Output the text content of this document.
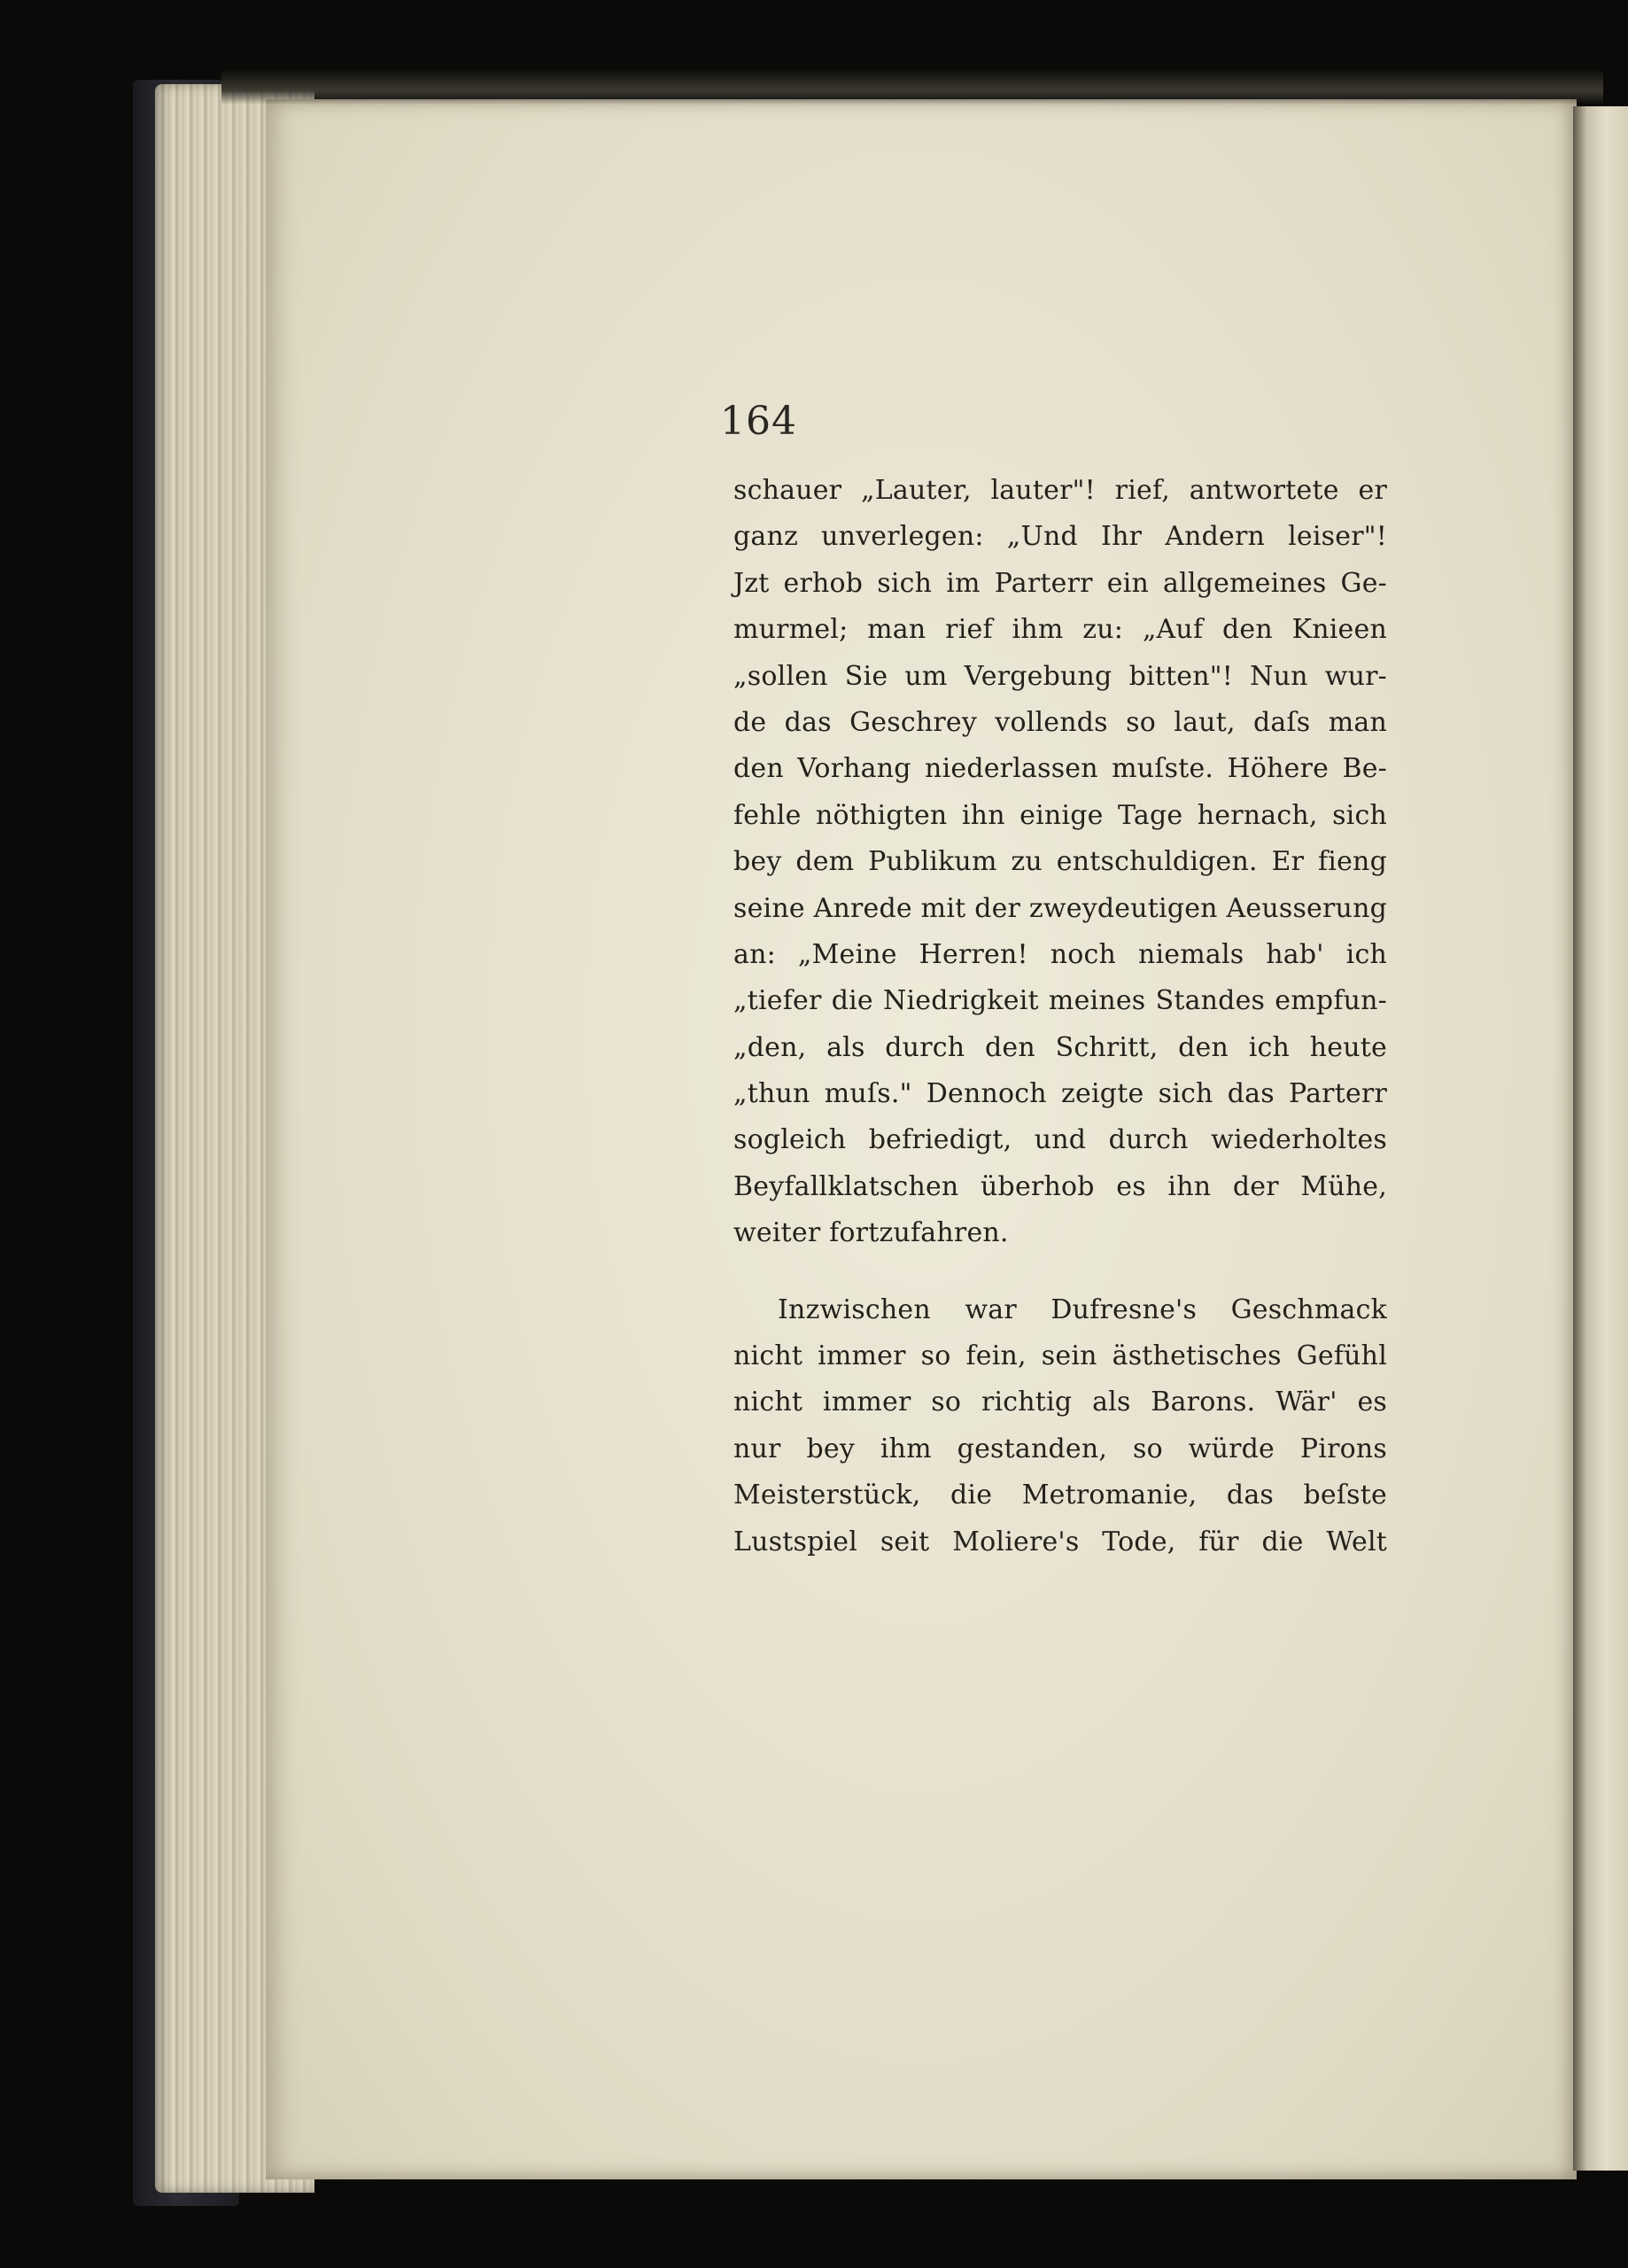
164
schauer „Lauter, lauter"! rief, antwortete er
ganz unverlegen: „Und Ihr Andern leiser"!
Jzt erhob sich im Parterr ein allgemeines Ge-
murmel; man rief ihm zu: „Auf den Knieen
„sollen Sie um Vergebung bitten"! Nun wur-
de das Geschrey vollends so laut, daſs man
den Vorhang niederlassen muſste. Höhere Be-
fehle nöthigten ihn einige Tage hernach, sich
bey dem Publikum zu entschuldigen. Er fieng
seine Anrede mit der zweydeutigen Aeusserung
an: „Meine Herren! noch niemals hab' ich
„tiefer die Niedrigkeit meines Standes empfun-
„den, als durch den Schritt, den ich heute
„thun muſs." Dennoch zeigte sich das Parterr
sogleich befriedigt, und durch wiederholtes
Beyfallklatschen überhob es ihn der Mühe,
weiter fortzufahren.
Inzwischen war Dufresne's Geschmack
nicht immer so fein, sein ästhetisches Gefühl
nicht immer so richtig als Barons. Wär' es
nur bey ihm gestanden, so würde Pirons
Meisterstück, die Metromanie, das beſste
Lustspiel seit Moliere's Tode, für die Welt
